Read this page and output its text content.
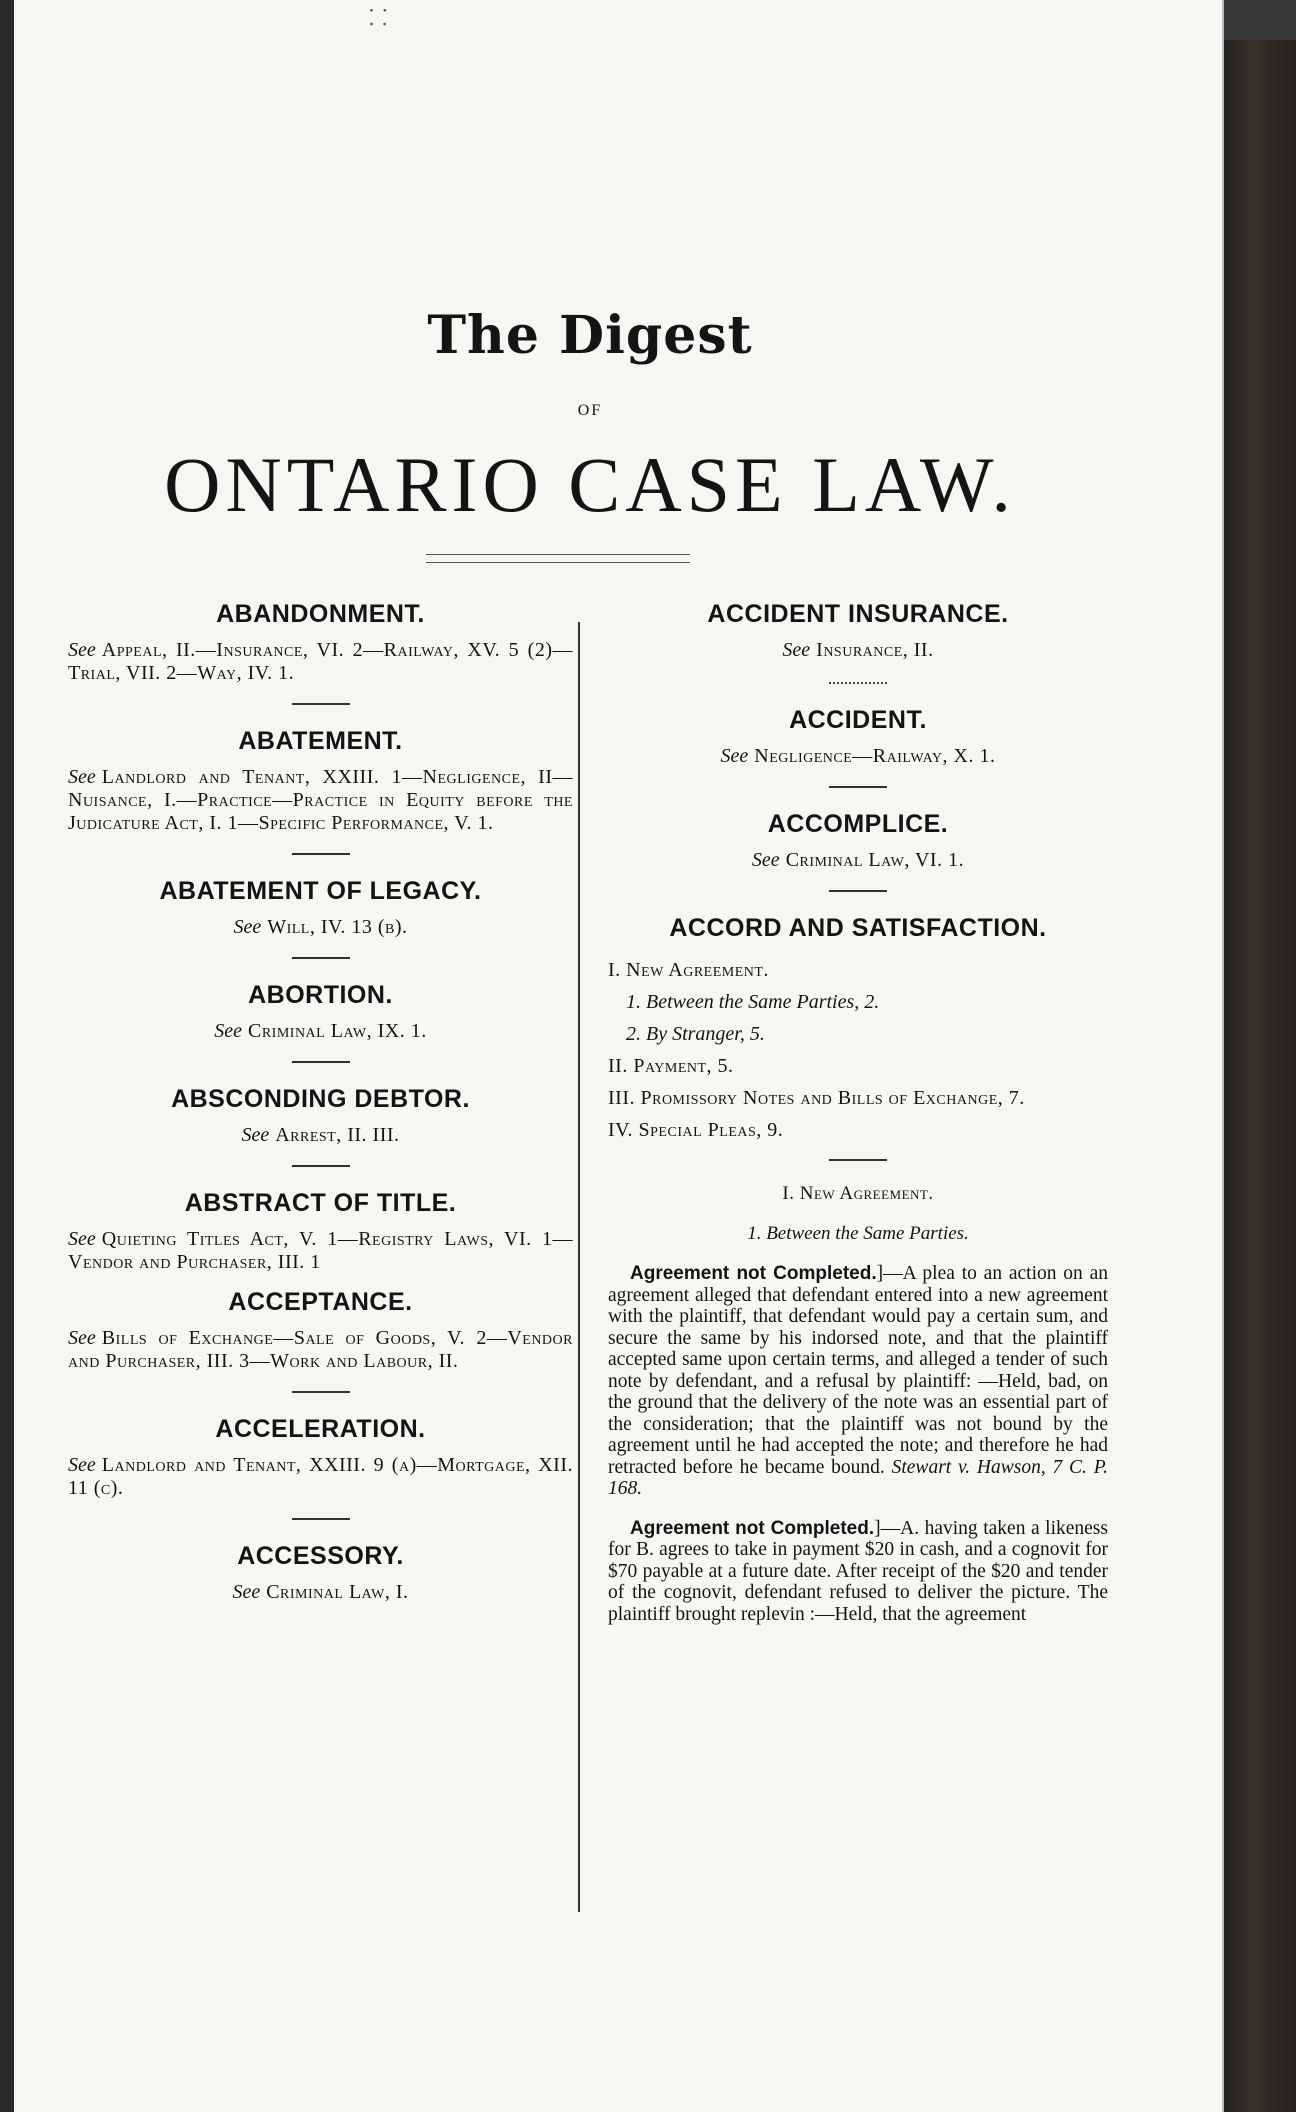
⸬
The Digest
OF
ONTARIO CASE LAW.
ABANDONMENT.

See Appeal, II.—Insurance, VI. 2—Railway, XV. 5 (2)—Trial, VII. 2—Way, IV. 1.

ABATEMENT.

See Landlord and Tenant, XXIII. 1—Negligence, II—Nuisance, I.—Practice—Practice in Equity before the Judicature Act, I. 1—Specific Performance, V. 1.

ABATEMENT OF LEGACY.

See Will, IV. 13 (b).

ABORTION.

See Criminal Law, IX. 1.

ABSCONDING DEBTOR.

See Arrest, II. III.

ABSTRACT OF TITLE.

See Quieting Titles Act, V. 1—Registry Laws, VI. 1—Vendor and Purchaser, III. 1

ACCEPTANCE.

See Bills of Exchange—Sale of Goods, V. 2—Vendor and Purchaser, III. 3—Work and Labour, II.

ACCELERATION.

See Landlord and Tenant, XXIII. 9 (a)—Mortgage, XII. 11 (c).

ACCESSORY.

See Criminal Law, I.

ACCIDENT INSURANCE.

See Insurance, II.

ACCIDENT.

See Negligence—Railway, X. 1.

ACCOMPLICE.

See Criminal Law, VI. 1.

ACCORD AND SATISFACTION.
I. New Agreement.
1. Between the Same Parties, 2.
2. By Stranger, 5.
II. Payment, 5.
III. Promissory Notes and Bills of Exchange, 7.
IV. Special Pleas, 9.
I. New Agreement.
1. Between the Same Parties.

Agreement not Completed.]—A plea to an action on an agreement alleged that defendant entered into a new agreement with the plaintiff, that defendant would pay a certain sum, and secure the same by his indorsed note, and that the plaintiff accepted same upon certain terms, and alleged a tender of such note by defendant, and a refusal by plaintiff: —Held, bad, on the ground that the delivery of the note was an essential part of the consideration; that the plaintiff was not bound by the agreement until he had accepted the note; and therefore he had retracted before he became bound. Stewart v. Hawson, 7 C. P. 168.

Agreement not Completed.]—A. having taken a likeness for B. agrees to take in payment $20 in cash, and a cognovit for $70 payable at a future date. After receipt of the $20 and tender of the cognovit, defendant refused to deliver the picture. The plaintiff brought replevin :—Held, that the agreement
